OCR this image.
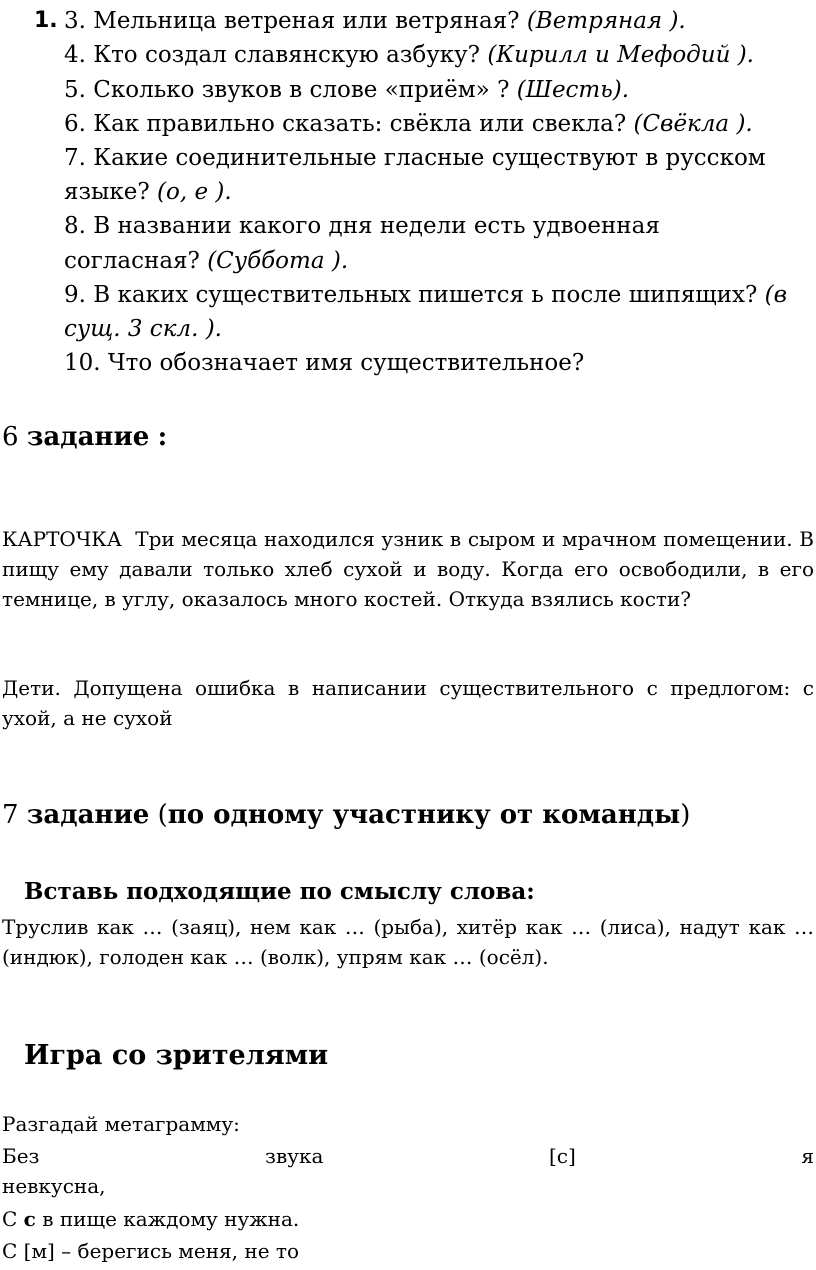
1. 3. Мельница ветреная или ветряная? (Ветряная ).
4. Кто создал славянскую азбуку? (Кирилл и Мефодий ).
5. Сколько звуков в слове «приём» ? (Шесть).
6. Как правильно сказать: свёкла или свекла? (Свёкла ).
7. Какие соединительные гласные существуют в русском
языке? (о, е ).
8. В названии какого дня недели есть удвоенная
согласная? (Суббота ).
9. В каких существительных пишется ь после шипящих? (в
сущ. 3 скл. ).
10. Что обозначает имя существительное?
6 задание :
КАРТОЧКА Три месяца находился узник в сыром и мрачном помещении. В пищу ему давали только хлеб сухой и воду. Когда его освободили, в его темнице, в углу, оказалось много костей. Откуда взялись кости?
Дети. Допущена ошибка в написании существительного с предлогом: с ухой, а не сухой
7 задание (по одному участнику от команды)
Вставь подходящие по смыслу слова:
Труслив как … (заяц), нем как … (рыба), хитёр как … (лиса), надут как … (индюк), голоден как … (волк), упрям как … (осёл).
Игра со зрителями
Разгадай метаграмму:
Без	звука	[с]	я
невкусна,
С с в пище каждому нужна.
С [м] – берегись меня, не то
